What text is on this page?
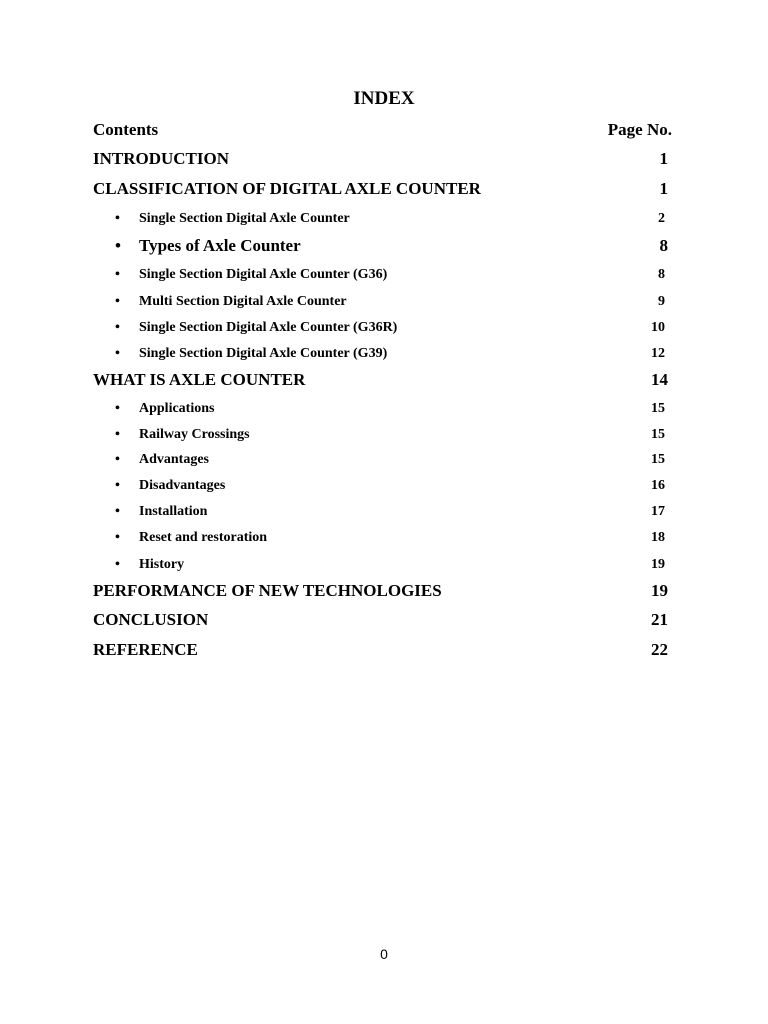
INDEX
Contents	Page No.
INTRODUCTION	1
CLASSIFICATION OF DIGITAL AXLE COUNTER	1
• Single Section Digital Axle Counter	2
• Types of Axle Counter	8
• Single Section Digital Axle Counter (G36)	8
• Multi Section Digital Axle Counter	9
• Single Section Digital Axle Counter (G36R)	10
• Single Section Digital Axle Counter (G39)	12
WHAT IS AXLE COUNTER	14
• Applications	15
• Railway Crossings	15
• Advantages	15
• Disadvantages	16
• Installation	17
• Reset and restoration	18
• History	19
PERFORMANCE OF NEW TECHNOLOGIES	19
CONCLUSION	21
REFERENCE	22
0
